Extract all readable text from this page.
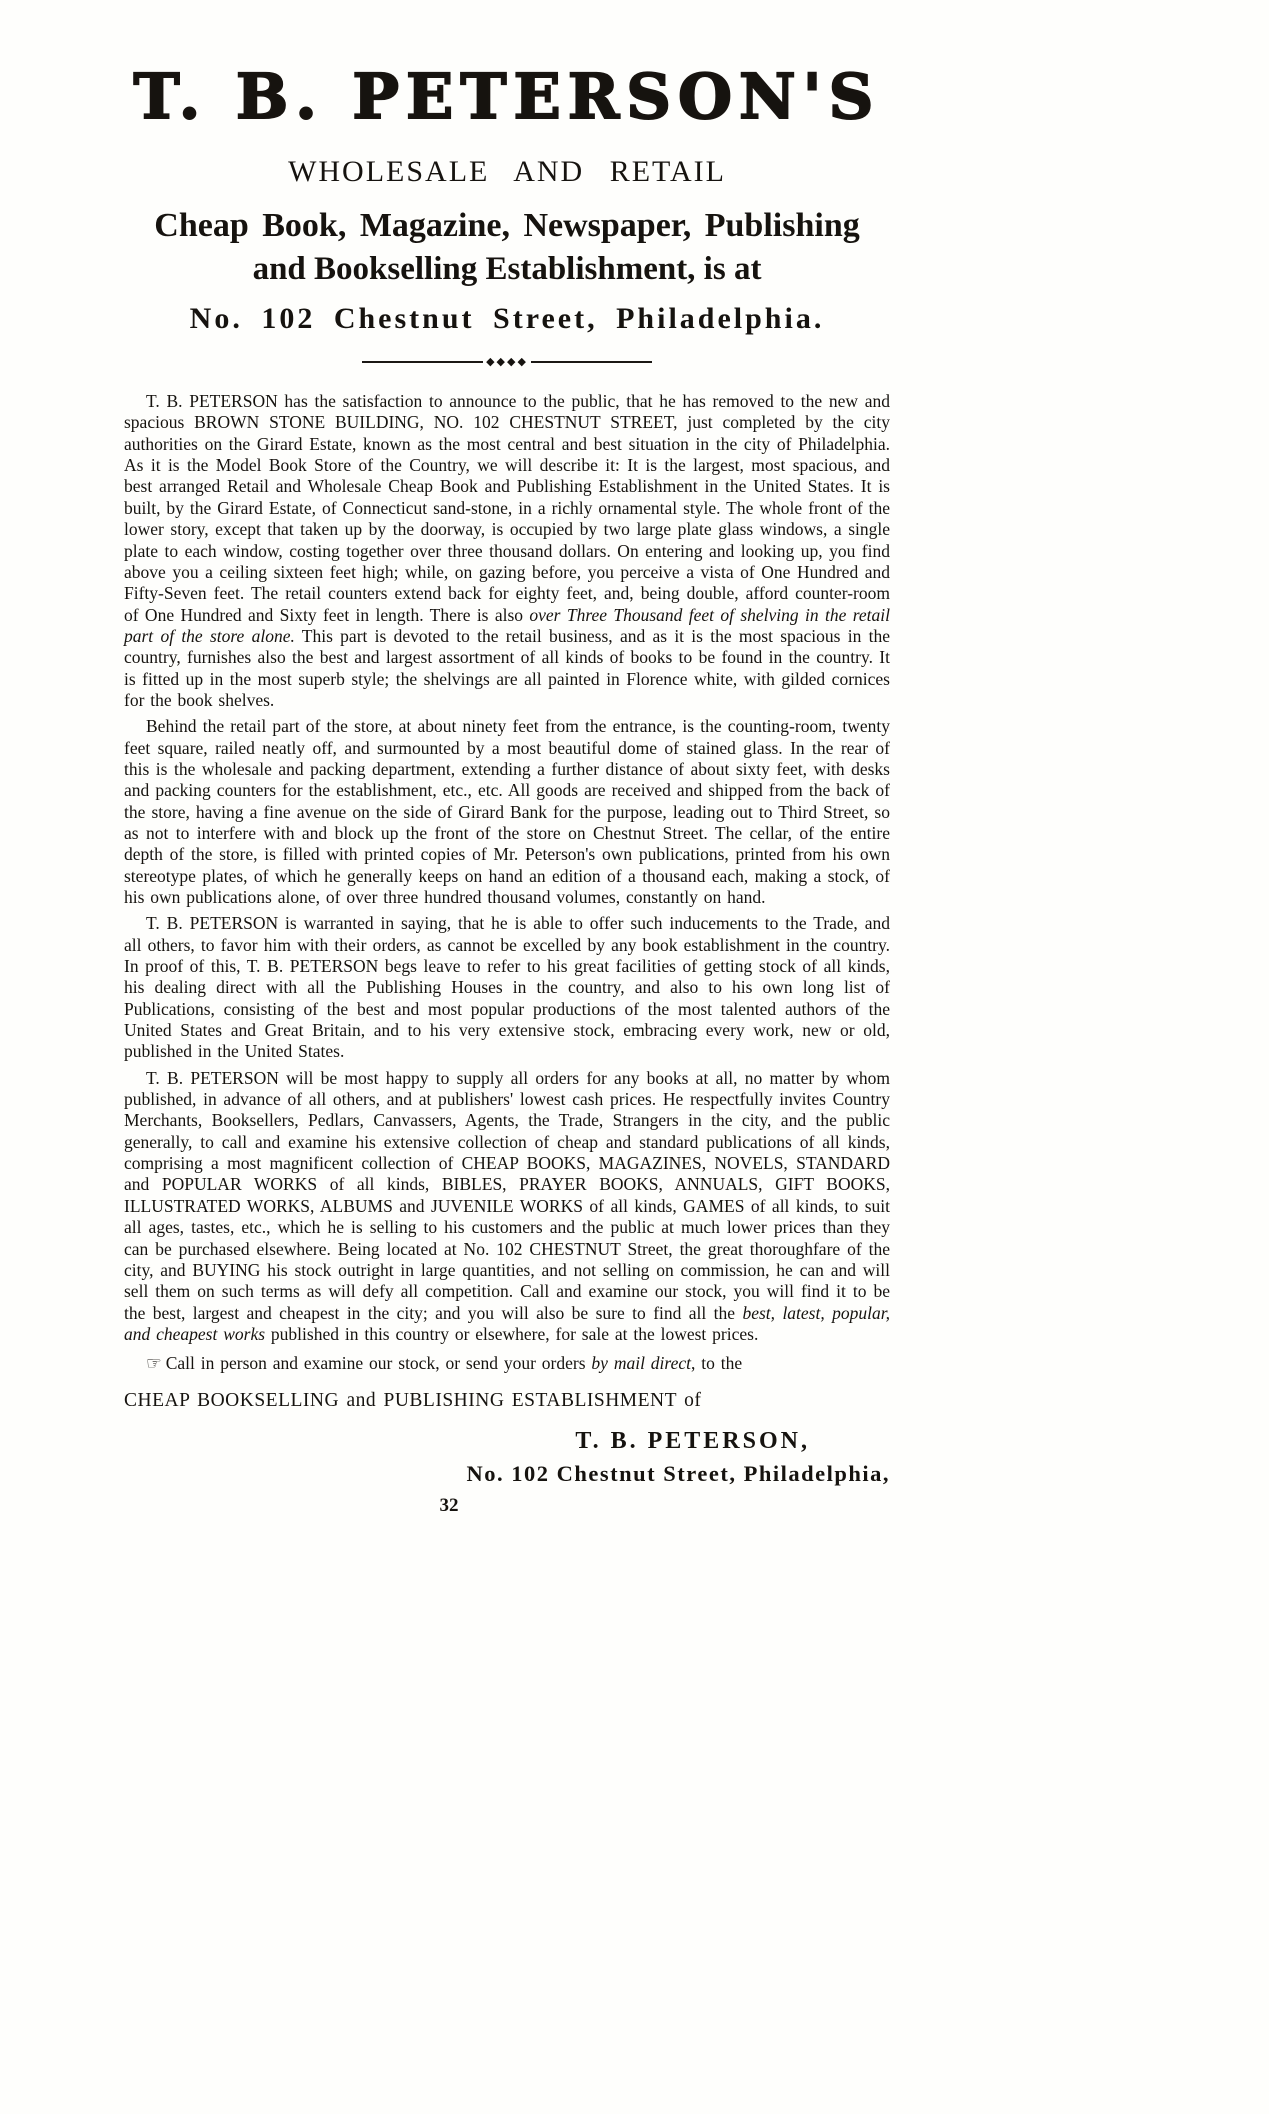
T. B. PETERSON'S
WHOLESALE AND RETAIL
Cheap Book, Magazine, Newspaper, Publishing
and Bookselling Establishment, is at
No. 102 Chestnut Street, Philadelphia.
◆◆◆◆

T. B. PETERSON has the satisfaction to announce to the public, that he has removed to the new and spacious BROWN STONE BUILDING, NO. 102 CHESTNUT STREET, just completed by the city authorities on the Girard Estate, known as the most central and best situation in the city of Philadelphia. As it is the Model Book Store of the Country, we will describe it: It is the largest, most spacious, and best arranged Retail and Wholesale Cheap Book and Publishing Establishment in the United States. It is built, by the Girard Estate, of Connecticut sand-stone, in a richly ornamental style. The whole front of the lower story, except that taken up by the doorway, is occupied by two large plate glass windows, a single plate to each window, costing together over three thousand dollars. On entering and looking up, you find above you a ceiling sixteen feet high; while, on gazing before, you perceive a vista of One Hundred and Fifty-Seven feet. The retail counters extend back for eighty feet, and, being double, afford counter-room of One Hundred and Sixty feet in length. There is also over Three Thousand feet of shelving in the retail part of the store alone. This part is devoted to the retail business, and as it is the most spacious in the country, furnishes also the best and largest assortment of all kinds of books to be found in the country. It is fitted up in the most superb style; the shelvings are all painted in Florence white, with gilded cornices for the book shelves.

Behind the retail part of the store, at about ninety feet from the entrance, is the counting-room, twenty feet square, railed neatly off, and surmounted by a most beautiful dome of stained glass. In the rear of this is the wholesale and packing department, extending a further distance of about sixty feet, with desks and packing counters for the establishment, etc., etc. All goods are received and shipped from the back of the store, having a fine avenue on the side of Girard Bank for the purpose, leading out to Third Street, so as not to interfere with and block up the front of the store on Chestnut Street. The cellar, of the entire depth of the store, is filled with printed copies of Mr. Peterson's own publications, printed from his own stereotype plates, of which he generally keeps on hand an edition of a thousand each, making a stock, of his own publications alone, of over three hundred thousand volumes, constantly on hand.

T. B. PETERSON is warranted in saying, that he is able to offer such inducements to the Trade, and all others, to favor him with their orders, as cannot be excelled by any book establishment in the country. In proof of this, T. B. PETERSON begs leave to refer to his great facilities of getting stock of all kinds, his dealing direct with all the Publishing Houses in the country, and also to his own long list of Publications, consisting of the best and most popular productions of the most talented authors of the United States and Great Britain, and to his very extensive stock, embracing every work, new or old, published in the United States.

T. B. PETERSON will be most happy to supply all orders for any books at all, no matter by whom published, in advance of all others, and at publishers' lowest cash prices. He respectfully invites Country Merchants, Booksellers, Pedlars, Canvassers, Agents, the Trade, Strangers in the city, and the public generally, to call and examine his extensive collection of cheap and standard publications of all kinds, comprising a most magnificent collection of CHEAP BOOKS, MAGAZINES, NOVELS, STANDARD and POPULAR WORKS of all kinds, BIBLES, PRAYER BOOKS, ANNUALS, GIFT BOOKS, ILLUSTRATED WORKS, ALBUMS and JUVENILE WORKS of all kinds, GAMES of all kinds, to suit all ages, tastes, etc., which he is selling to his customers and the public at much lower prices than they can be purchased elsewhere. Being located at No. 102 CHESTNUT Street, the great thoroughfare of the city, and BUYING his stock outright in large quantities, and not selling on commission, he can and will sell them on such terms as will defy all competition. Call and examine our stock, you will find it to be the best, largest and cheapest in the city; and you will also be sure to find all the best, latest, popular, and cheapest works published in this country or elsewhere, for sale at the lowest prices.

☞ Call in person and examine our stock, or send your orders by mail direct, to the

CHEAP BOOKSELLING and PUBLISHING ESTABLISHMENT of
T. B. PETERSON,
No. 102 Chestnut Street, Philadelphia,
32
